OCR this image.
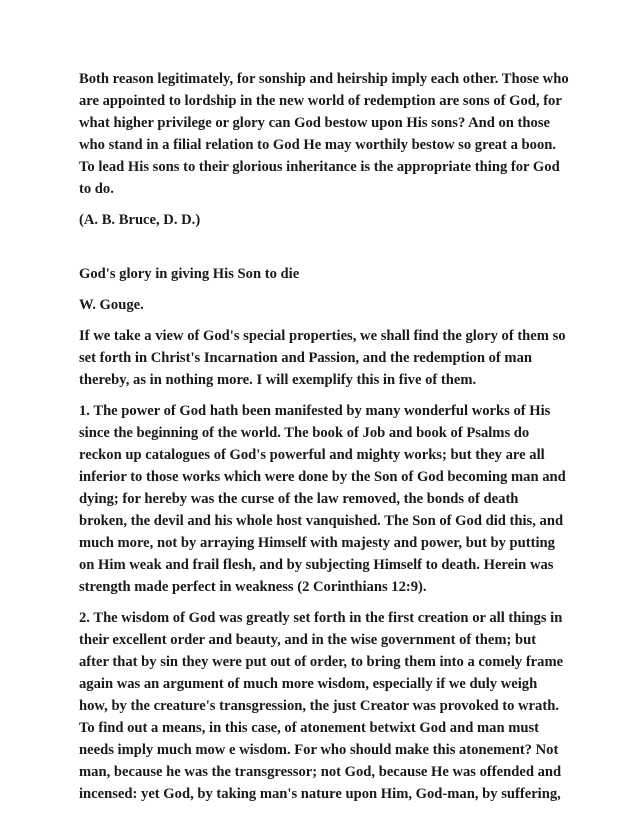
Both reason legitimately, for sonship and heirship imply each other. Those who are appointed to lordship in the new world of redemption are sons of God, for what higher privilege or glory can God bestow upon His sons? And on those who stand in a filial relation to God He may worthily bestow so great a boon. To lead His sons to their glorious inheritance is the appropriate thing for God to do.

(A. B. Bruce, D. D.)

God's glory in giving His Son to die

W. Gouge.

If we take a view of God's special properties, we shall find the glory of them so set forth in Christ's Incarnation and Passion, and the redemption of man thereby, as in nothing more. I will exemplify this in five of them.

1. The power of God hath been manifested by many wonderful works of His since the beginning of the world. The book of Job and book of Psalms do reckon up catalogues of God's powerful and mighty works; but they are all inferior to those works which were done by the Son of God becoming man and dying; for hereby was the curse of the law removed, the bonds of death broken, the devil and his whole host vanquished. The Son of God did this, and much more, not by arraying Himself with majesty and power, but by putting on Him weak and frail flesh, and by subjecting Himself to death. Herein was strength made perfect in weakness (2 Corinthians 12:9).

2. The wisdom of God was greatly set forth in the first creation or all things in their excellent order and beauty, and in the wise government of them; but after that by sin they were put out of order, to bring them into a comely frame again was an argument of much more wisdom, especially if we duly weigh how, by the creature's transgression, the just Creator was provoked to wrath. To find out a means, in this case, of atonement betwixt God and man must needs imply much mow e wisdom. For who should make this atonement? Not man, because he was the transgressor; not God, because He was offended and incensed: yet God, by taking man's nature upon Him, God-man, by suffering,
